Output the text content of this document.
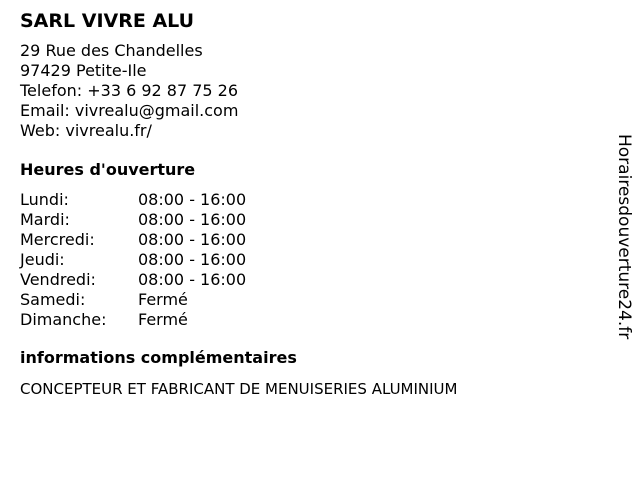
SARL VIVRE ALU
29 Rue des Chandelles
97429 Petite-Ile
Telefon: +33 6 92 87 75 26
Email: vivrealu@gmail.com
Web: vivrealu.fr/
Heures d'ouverture
Lundi:	08:00 - 16:00
Mardi:	08:00 - 16:00
Mercredi:	08:00 - 16:00
Jeudi:	08:00 - 16:00
Vendredi:	08:00 - 16:00
Samedi:	Fermé
Dimanche: Fermé
informations complémentaires
CONCEPTEUR ET FABRICANT DE MENUISERIES ALUMINIUM
Horairesdouverture24.fr
